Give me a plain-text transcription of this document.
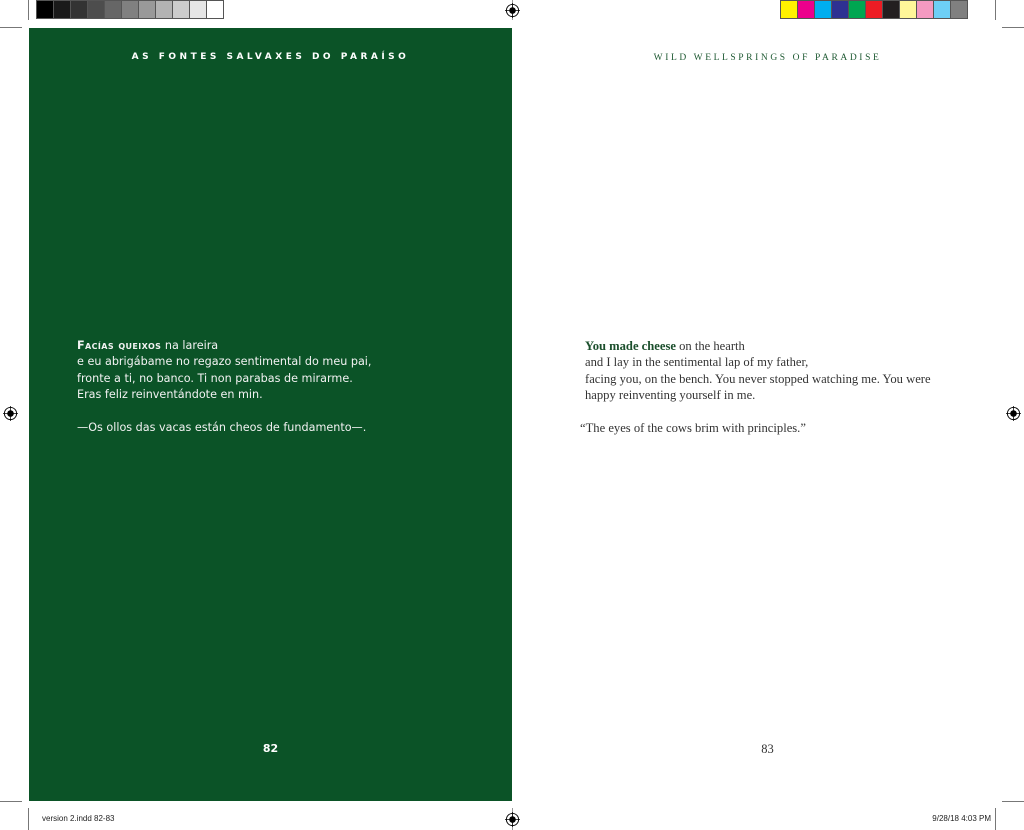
AS FONTES SALVAXES DO PARAÍSO
Facías queixos na lareira
e eu abrigábame no regazo sentimental do meu pai,
fronte a ti, no banco. Ti non parabas de mirarme.
Eras feliz reinventándote en min.
—Os ollos das vacas están cheos de fundamento—.
82
WILD WELLSPRINGS OF PARADISE
You made cheese on the hearth
and I lay in the sentimental lap of my father,
facing you, on the bench. You never stopped watching me. You were
happy reinventing yourself in me.
“The eyes of the cows brim with principles.”
83
version 2.indd 82-83	9/28/18 4:03 PM
